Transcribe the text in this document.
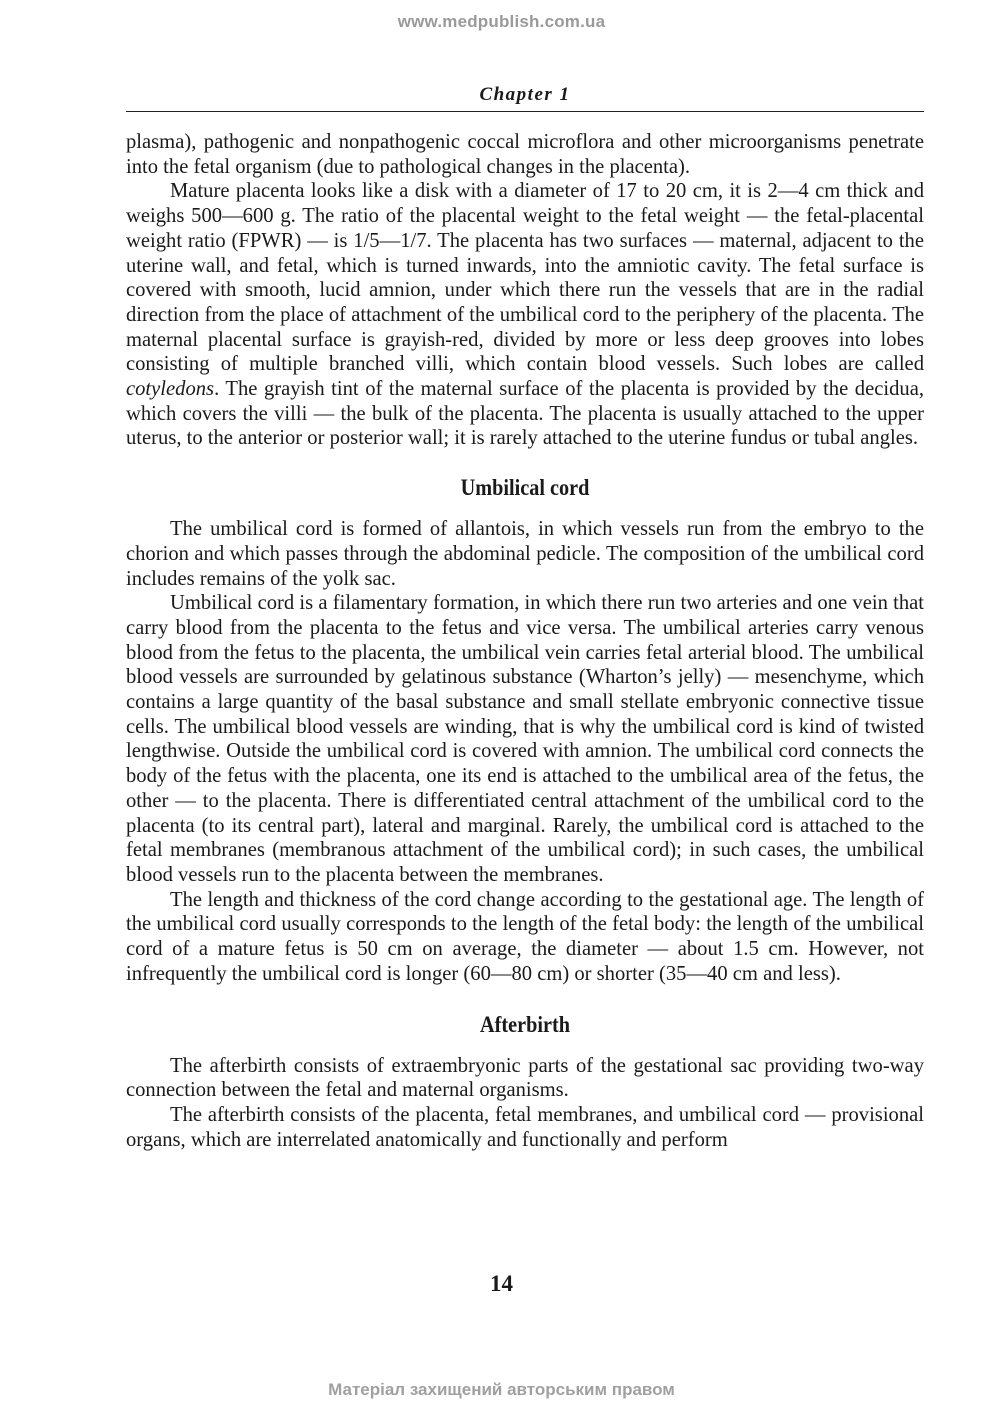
www.medpublish.com.ua
Chapter 1

plasma), pathogenic and nonpathogenic coccal microflora and other microorganisms penetrate into the fetal organism (due to pathological changes in the placenta).

Mature placenta looks like a disk with a diameter of 17 to 20 cm, it is 2—4 cm thick and weighs 500—600 g. The ratio of the placental weight to the fetal weight — the fetal-placental weight ratio (FPWR) — is 1/5—1/7. The placenta has two surfaces — maternal, adjacent to the uterine wall, and fetal, which is turned inwards, into the amniotic cavity. The fetal surface is covered with smooth, lucid amnion, under which there run the vessels that are in the radial direction from the place of attachment of the umbilical cord to the periphery of the placenta. The maternal placental surface is grayish-red, divided by more or less deep grooves into lobes consisting of multiple branched villi, which contain blood vessels. Such lobes are called cotyledons. The grayish tint of the maternal surface of the placenta is provided by the decidua, which covers the villi — the bulk of the placenta. The placenta is usually attached to the upper uterus, to the anterior or posterior wall; it is rarely attached to the uterine fundus or tubal angles.

Umbilical cord

The umbilical cord is formed of allantois, in which vessels run from the embryo to the chorion and which passes through the abdominal pedicle. The composition of the umbilical cord includes remains of the yolk sac.

Umbilical cord is a filamentary formation, in which there run two arteries and one vein that carry blood from the placenta to the fetus and vice versa. The umbilical arteries carry venous blood from the fetus to the placenta, the umbilical vein carries fetal arterial blood. The umbilical blood vessels are surrounded by gelatinous substance (Wharton’s jelly) — mesenchyme, which contains a large quantity of the basal substance and small stellate embryonic connective tissue cells. The umbilical blood vessels are winding, that is why the umbilical cord is kind of twisted lengthwise. Outside the umbilical cord is covered with amnion. The umbilical cord connects the body of the fetus with the placenta, one its end is attached to the umbilical area of the fetus, the other — to the placenta. There is differentiated central attachment of the umbilical cord to the placenta (to its central part), lateral and marginal. Rarely, the umbilical cord is attached to the fetal membranes (membranous attachment of the umbilical cord); in such cases, the umbilical blood vessels run to the placenta between the membranes.

The length and thickness of the cord change according to the gestational age. The length of the umbilical cord usually corresponds to the length of the fetal body: the length of the umbilical cord of a mature fetus is 50 cm on average, the diameter — about 1.5 cm. However, not infrequently the umbilical cord is longer (60—80 cm) or shorter (35—40 cm and less).

Afterbirth

The afterbirth consists of extraembryonic parts of the gestational sac providing two-way connection between the fetal and maternal organisms.

The afterbirth consists of the placenta, fetal membranes, and umbilical cord — provisional organs, which are interrelated anatomically and functionally and perform

14
Матеріал захищений авторським правом
